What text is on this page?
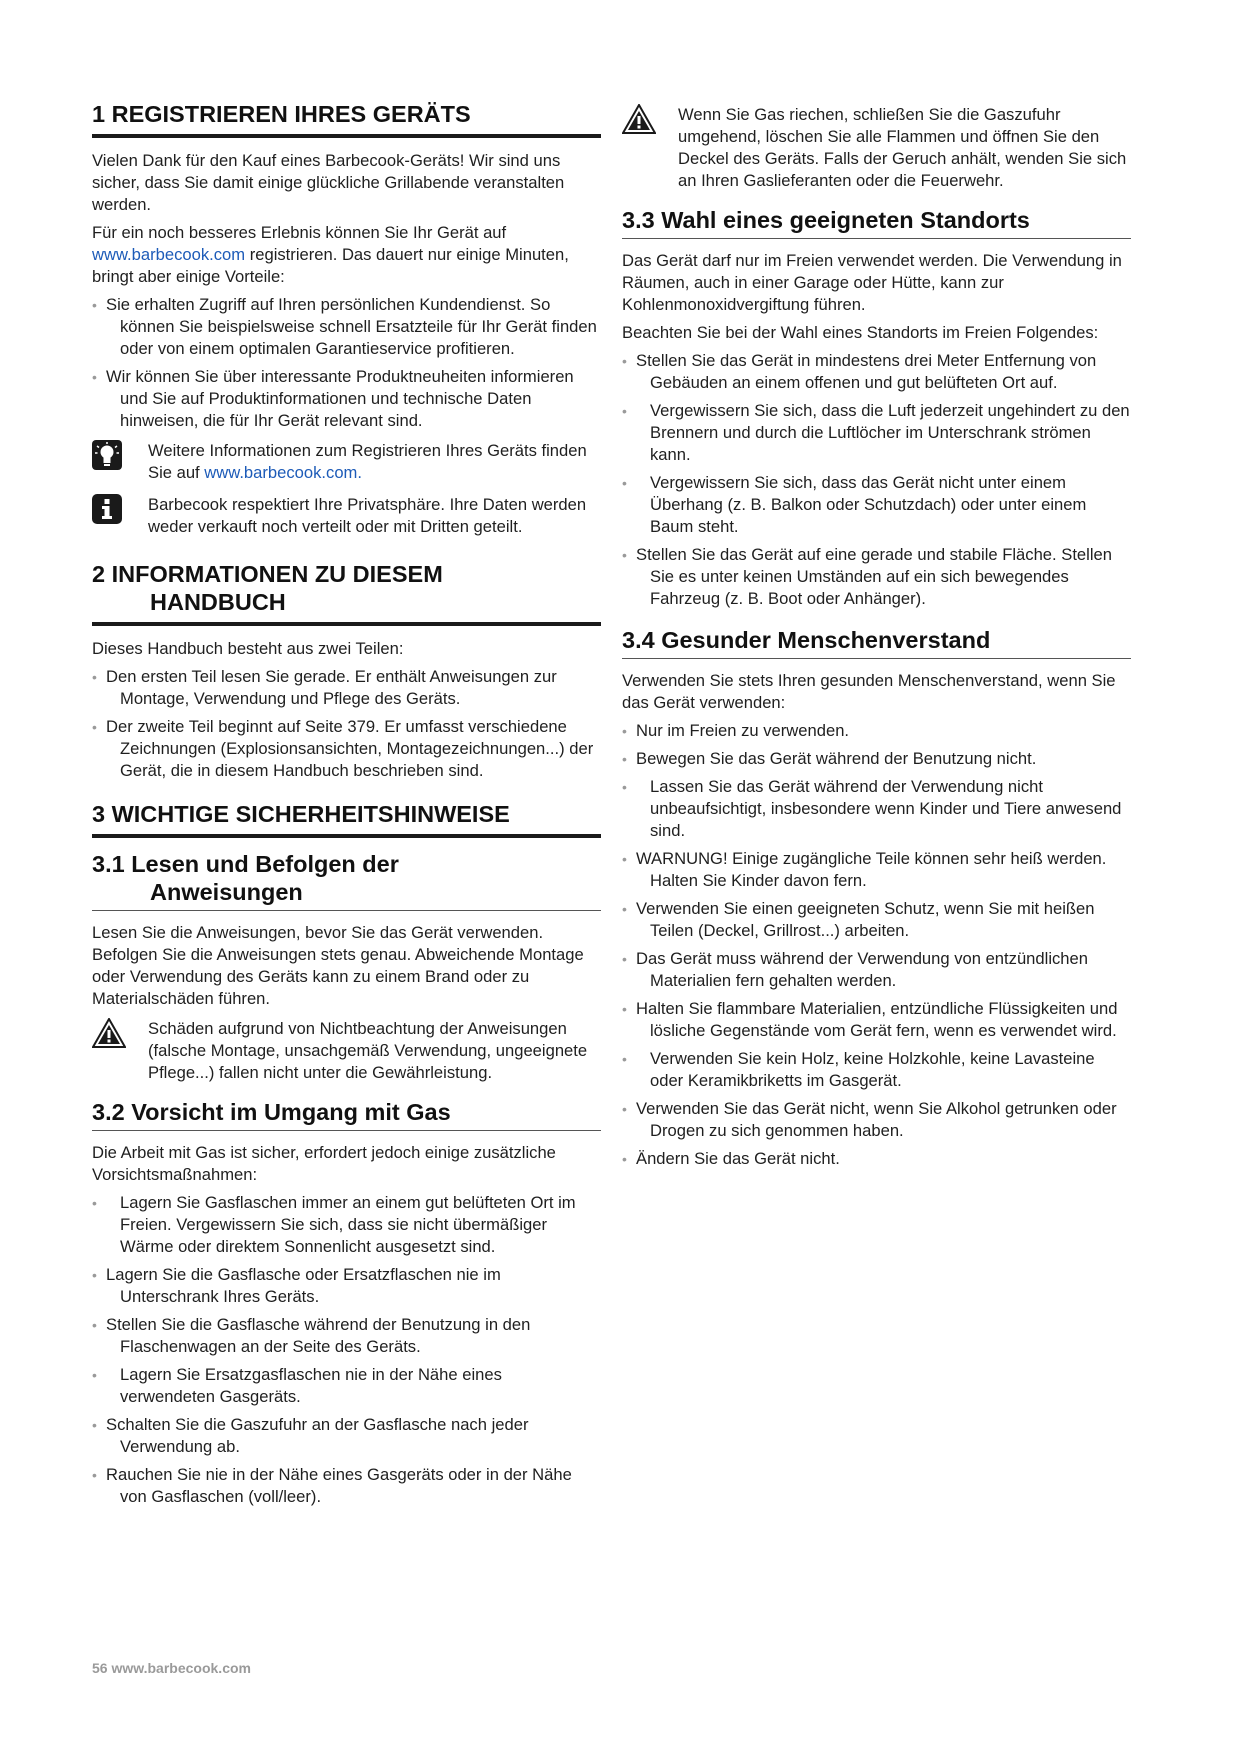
1 REGISTRIEREN IHRES GERÄTS

Vielen Dank für den Kauf eines Barbecook-Geräts! Wir sind uns sicher, dass Sie damit einige glückliche Grillabende veranstalten werden.

Für ein noch besseres Erlebnis können Sie Ihr Gerät auf www.barbecook.com registrieren. Das dauert nur einige Minuten, bringt aber einige Vorteile:

• Sie erhalten Zugriff auf Ihren persönlichen Kundendienst. So können Sie beispielsweise schnell Ersatzteile für Ihr Gerät finden oder von einem optimalen Garantieservice profitieren.
• Wir können Sie über interessante Produktneuheiten informieren und Sie auf Produktinformationen und technische Daten hinweisen, die für Ihr Gerät relevant sind.

Weitere Informationen zum Registrieren Ihres Geräts finden Sie auf www.barbecook.com.

Barbecook respektiert Ihre Privatsphäre. Ihre Daten werden weder verkauft noch verteilt oder mit Dritten geteilt.

2 INFORMATIONEN ZU DIESEM
HANDBUCH

Dieses Handbuch besteht aus zwei Teilen:

• Den ersten Teil lesen Sie gerade. Er enthält Anweisungen zur Montage, Verwendung und Pflege des Geräts.
• Der zweite Teil beginnt auf Seite 379. Er umfasst verschiedene Zeichnungen (Explosionsansichten, Montagezeichnungen...) der Gerät, die in diesem Handbuch beschrieben sind.
3 WICHTIGE SICHERHEITSHINWEISE
3.1 Lesen und Befolgen der
Anweisungen

Lesen Sie die Anweisungen, bevor Sie das Gerät verwenden. Befolgen Sie die Anweisungen stets genau. Abweichende Montage oder Verwendung des Geräts kann zu einem Brand oder zu Materialschäden führen.

Schäden aufgrund von Nichtbeachtung der Anweisungen (falsche Montage, unsachgemäß Verwendung, ungeeignete Pflege...) fallen nicht unter die Gewährleistung.

3.2 Vorsicht im Umgang mit Gas

Die Arbeit mit Gas ist sicher, erfordert jedoch einige zusätzliche Vorsichtsmaßnahmen:

• Lagern Sie Gasflaschen immer an einem gut belüfteten Ort im Freien. Vergewissern Sie sich, dass sie nicht übermäßiger Wärme oder direktem Sonnenlicht ausgesetzt sind.
• Lagern Sie die Gasflasche oder Ersatzflaschen nie im Unterschrank Ihres Geräts.
• Stellen Sie die Gasflasche während der Benutzung in den Flaschenwagen an der Seite des Geräts.
• Lagern Sie Ersatzgasflaschen nie in der Nähe eines verwendeten Gasgeräts.
• Schalten Sie die Gaszufuhr an der Gasflasche nach jeder Verwendung ab.
• Rauchen Sie nie in der Nähe eines Gasgeräts oder in der Nähe von Gasflaschen (voll/leer).

Wenn Sie Gas riechen, schließen Sie die Gaszufuhr umgehend, löschen Sie alle Flammen und öffnen Sie den Deckel des Geräts. Falls der Geruch anhält, wenden Sie sich an Ihren Gaslieferanten oder die Feuerwehr.

3.3 Wahl eines geeigneten Standorts

Das Gerät darf nur im Freien verwendet werden. Die Verwendung in Räumen, auch in einer Garage oder Hütte, kann zur Kohlenmonoxidvergiftung führen.

Beachten Sie bei der Wahl eines Standorts im Freien Folgendes:

• Stellen Sie das Gerät in mindestens drei Meter Entfernung von Gebäuden an einem offenen und gut belüfteten Ort auf.
• Vergewissern Sie sich, dass die Luft jederzeit ungehindert zu den Brennern und durch die Luftlöcher im Unterschrank strömen kann.
• Vergewissern Sie sich, dass das Gerät nicht unter einem Überhang (z. B. Balkon oder Schutzdach) oder unter einem Baum steht.
• Stellen Sie das Gerät auf eine gerade und stabile Fläche. Stellen Sie es unter keinen Umständen auf ein sich bewegendes Fahrzeug (z. B. Boot oder Anhänger).
3.4 Gesunder Menschenverstand

Verwenden Sie stets Ihren gesunden Menschenverstand, wenn Sie das Gerät verwenden:

• Nur im Freien zu verwenden.
• Bewegen Sie das Gerät während der Benutzung nicht.
• Lassen Sie das Gerät während der Verwendung nicht unbeaufsichtigt, insbesondere wenn Kinder und Tiere anwesend sind.
• WARNUNG! Einige zugängliche Teile können sehr heiß werden. Halten Sie Kinder davon fern.
• Verwenden Sie einen geeigneten Schutz, wenn Sie mit heißen Teilen (Deckel, Grillrost...) arbeiten.
• Das Gerät muss während der Verwendung von entzündlichen Materialien fern gehalten werden.
• Halten Sie flammbare Materialien, entzündliche Flüssigkeiten und lösliche Gegenstände vom Gerät fern, wenn es verwendet wird.
• Verwenden Sie kein Holz, keine Holzkohle, keine Lavasteine oder Keramikbriketts im Gasgerät.
• Verwenden Sie das Gerät nicht, wenn Sie Alkohol getrunken oder Drogen zu sich genommen haben.
• Ändern Sie das Gerät nicht.
56 www.barbecook.com
